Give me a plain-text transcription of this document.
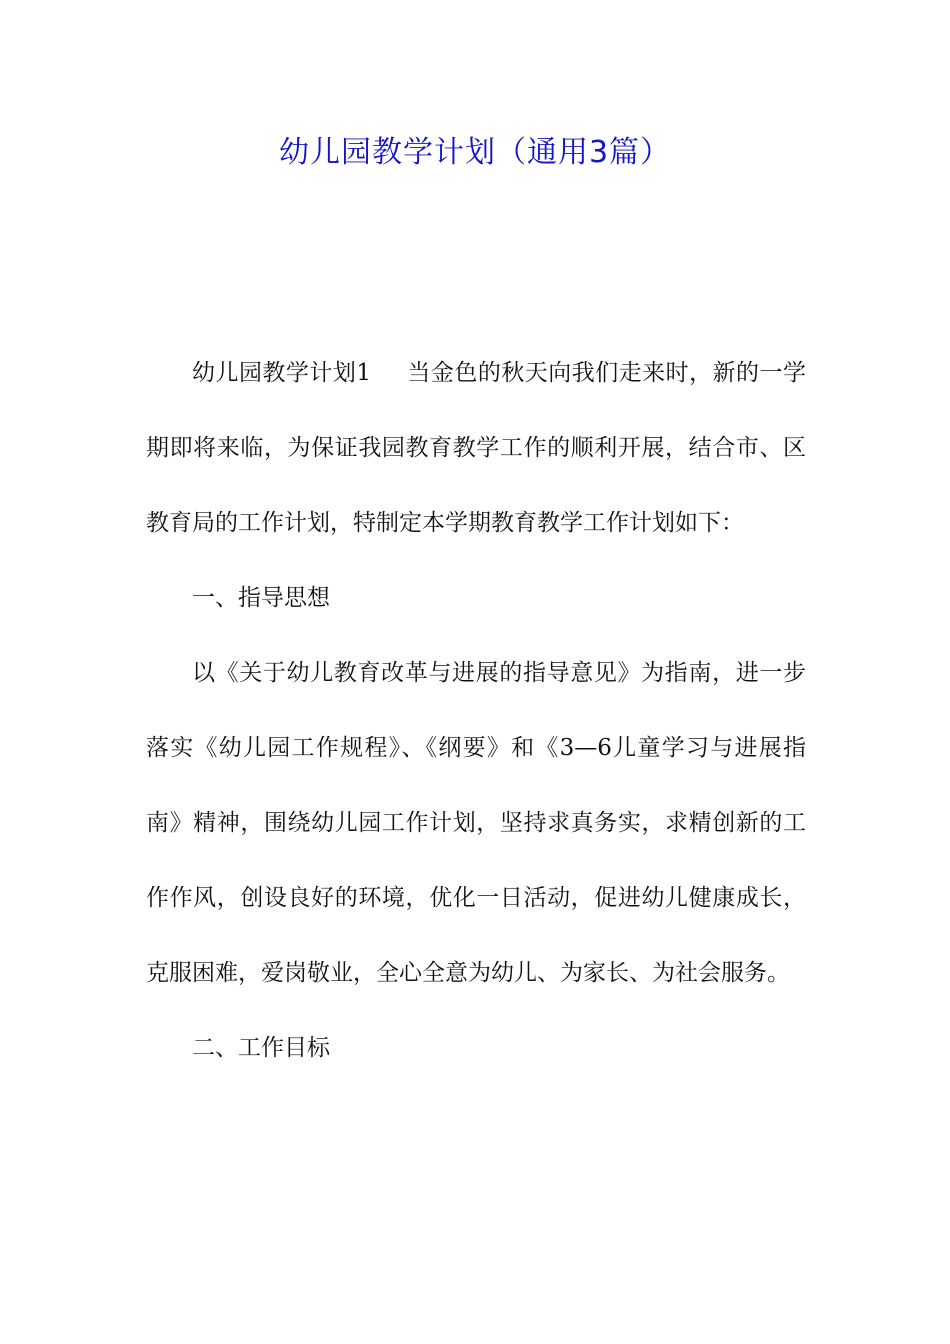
幼儿园教学计划（通用3篇）

幼儿园教学计划1 当金色的秋天向我们走来时，新的一学期即将来临，为保证我园教育教学工作的顺利开展，结合市、区教育局的工作计划，特制定本学期教育教学工作计划如下：

一、指导思想

以《关于幼儿教育改革与进展的指导意见》为指南，进一步落实《幼儿园工作规程》、《纲要》和《3—6儿童学习与进展指南》精神，围绕幼儿园工作计划，坚持求真务实，求精创新的工作作风，创设良好的环境，优化一日活动，促进幼儿健康成长，克服困难，爱岗敬业，全心全意为幼儿、为家长、为社会服务。

二、工作目标
